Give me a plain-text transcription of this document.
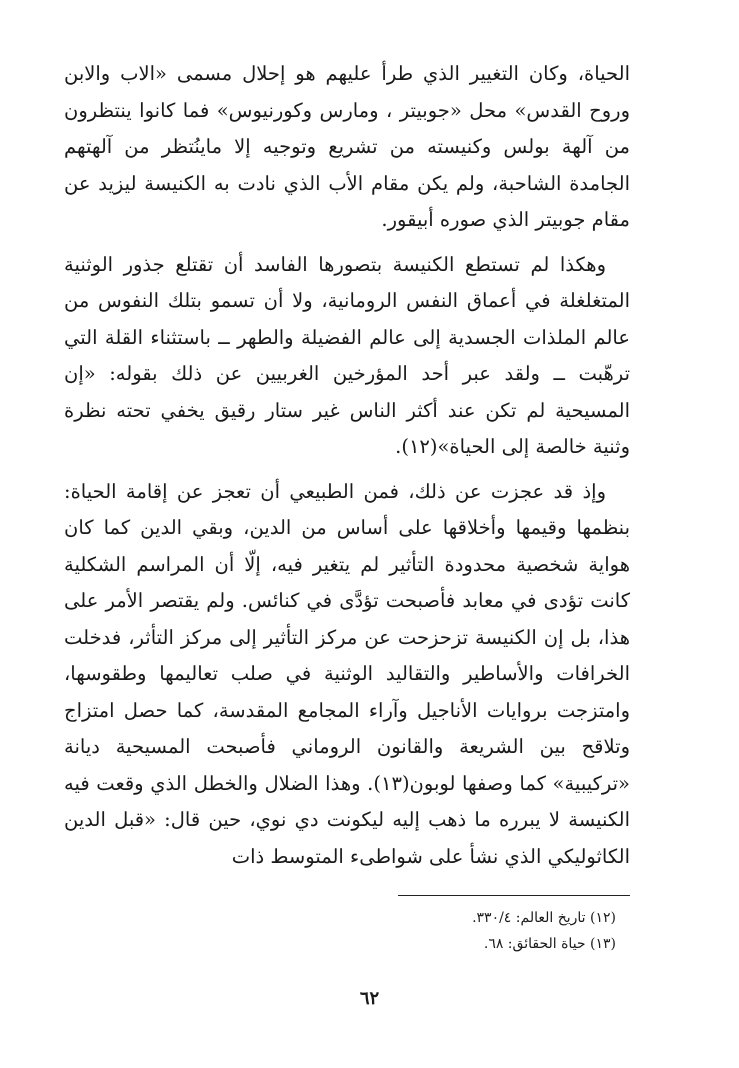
الحياة، وكان التغيير الذي طرأ عليهم هو إحلال مسمى «الاب والابن وروح القدس» محل «جوبيتر ، ومارس وكورنيوس» فما كانوا ينتظرون من آلهة بولس وكنيسته من تشريع وتوجيه إلا ماينُتظر من آلهتهم الجامدة الشاحبة، ولم يكن مقام الأب الذي نادت به الكنيسة ليزيد عن مقام جوبيتر الذي صوره أبيقور.

وهكذا لم تستطع الكنيسة بتصورها الفاسد أن تقتلع جذور الوثنية المتغلغلة في أعماق النفس الرومانية، ولا أن تسمو بتلك النفوس من عالم الملذات الجسدية إلى عالم الفضيلة والطهر ــ باستثناء القلة التي ترهّبت ــ ولقد عبر أحد المؤرخين الغربيين عن ذلك بقوله: «إن المسيحية لم تكن عند أكثر الناس غير ستار رقيق يخفي تحته نظرة وثنية خالصة إلى الحياة»(١٢).

وإذ قد عجزت عن ذلك، فمن الطبيعي أن تعجز عن إقامة الحياة: بنظمها وقيمها وأخلاقها على أساس من الدين، وبقي الدين كما كان هواية شخصية محدودة التأثير لم يتغير فيه، إلّا أن المراسم الشكلية كانت تؤدى في معابد فأصبحت تؤدَّى في كنائس. ولم يقتصر الأمر على هذا، بل إن الكنيسة تزحزحت عن مركز التأثير إلى مركز التأثر، فدخلت الخرافات والأساطير والتقاليد الوثنية في صلب تعاليمها وطقوسها، وامتزجت بروايات الأناجيل وآراء المجامع المقدسة، كما حصل امتزاج وتلاقح بين الشريعة والقانون الروماني فأصبحت المسيحية ديانة «تركيبية» كما وصفها لوبون(١٣). وهذا الضلال والخطل الذي وقعت فيه الكنيسة لا يبرره ما ذهب إليه ليكونت دي نوي، حين قال: «قبل الدين الكاثوليكي الذي نشأ على شواطىء المتوسط ذات

(١٢) تاريخ العالم: ٣٣٠/٤.

(١٣) حياة الحقائق: ٦٨.

٦٢
